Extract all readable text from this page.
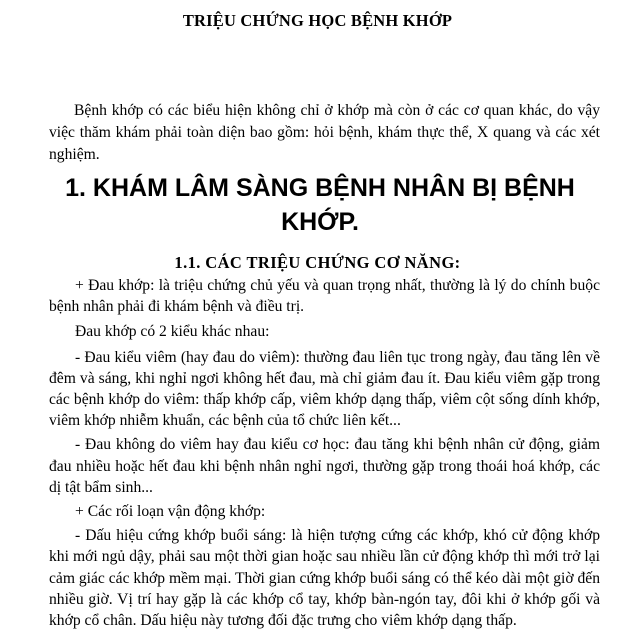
TRIỆU CHỨNG HỌC BỆNH KHỚP

Bệnh khớp có các biểu hiện không chỉ ở khớp mà còn ở các cơ quan khác, do vậy việc thăm khám phải toàn diện bao gồm: hỏi bệnh, khám thực thể, X quang và các xét nghiệm.

1. KHÁM LÂM SÀNG BỆNH NHÂN BỊ BỆNH KHỚP.
1.1. CÁC TRIỆU CHỨNG CƠ NĂNG:

+ Đau khớp: là triệu chứng chủ yếu và quan trọng nhất, thường là lý do chính buộc bệnh nhân phải đi khám bệnh và điều trị.

Đau khớp có 2 kiểu khác nhau:

- Đau kiểu viêm (hay đau do viêm): thường đau liên tục trong ngày, đau tăng lên về đêm và sáng, khi nghỉ ngơi không hết đau, mà chỉ giảm đau ít. Đau kiểu viêm gặp trong các bệnh khớp do viêm: thấp khớp cấp, viêm khớp dạng thấp, viêm cột sống dính khớp, viêm khớp nhiễm khuẩn, các bệnh của tổ chức liên kết...

- Đau không do viêm hay đau kiểu cơ học: đau tăng khi bệnh nhân cử động, giảm đau nhiều hoặc hết đau khi bệnh nhân nghỉ ngơi, thường gặp trong thoái hoá khớp, các dị tật bẩm sinh...

+ Các rối loạn vận động khớp:

- Dấu hiệu cứng khớp buổi sáng: là hiện tượng cứng các khớp, khó cử động khớp khi mới ngủ dậy, phải sau một thời gian hoặc sau nhiều lần cử động khớp thì mới trở lại cảm giác các khớp mềm mại. Thời gian cứng khớp buổi sáng có thể kéo dài một giờ đến nhiều giờ. Vị trí hay gặp là các khớp cổ tay, khớp bàn-ngón tay, đôi khi ở khớp gối và khớp cổ chân. Dấu hiệu này tương đối đặc trưng cho viêm khớp dạng thấp.
